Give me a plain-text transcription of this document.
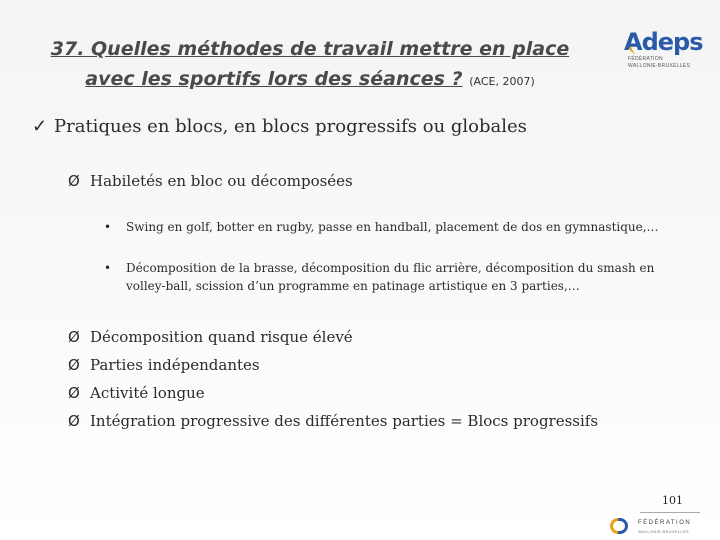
37. Quelles méthodes de travail mettre en place
avec les sportifs lors des séances ? (ACE, 2007)
Adeps
FÉDÉRATION
WALLONIE-BRUXELLES
✓ Pratiques en blocs, en blocs progressifs ou globales
Ø Habiletés en bloc ou décomposées
• Swing en golf, botter en rugby, passe en handball, placement de dos en gymnastique,…
• Décomposition de la brasse, décomposition du flic arrière, décomposition du smash en volley-ball, scission d’un programme en patinage artistique en 3 parties,…
Ø Décomposition quand risque élevé
Ø Parties indépendantes
Ø Activité longue
Ø Intégration progressive des différentes parties = Blocs progressifs
101
FÉDÉRATION
WALLONIE-BRUXELLES
